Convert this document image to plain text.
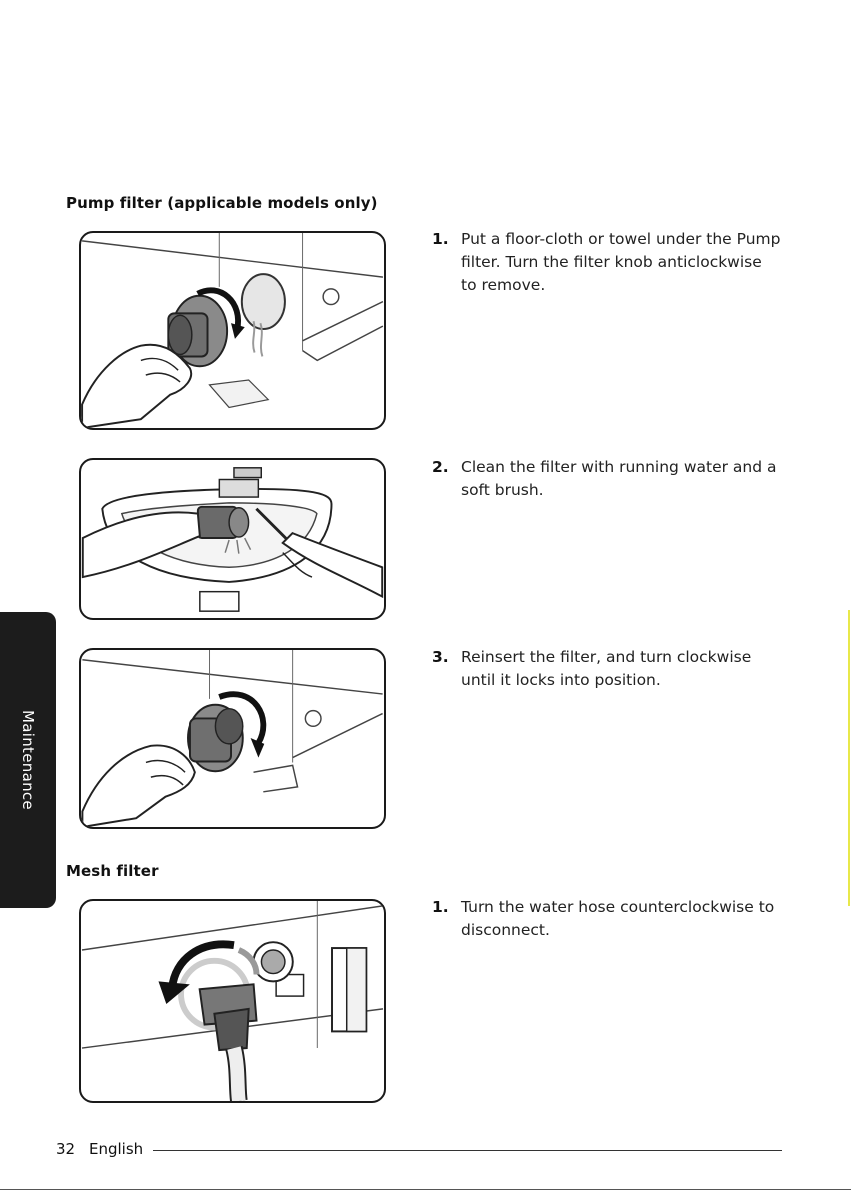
Pump filter (applicable models only)
1. Put a floor-cloth or towel under the Pump filter. Turn the filter knob anticlockwise to remove.
2. Clean the filter with running water and a soft brush.
3. Reinsert the filter, and turn clockwise until it locks into position.
Mesh filter
1. Turn the water hose counterclockwise to disconnect.
Maintenance
32 English
